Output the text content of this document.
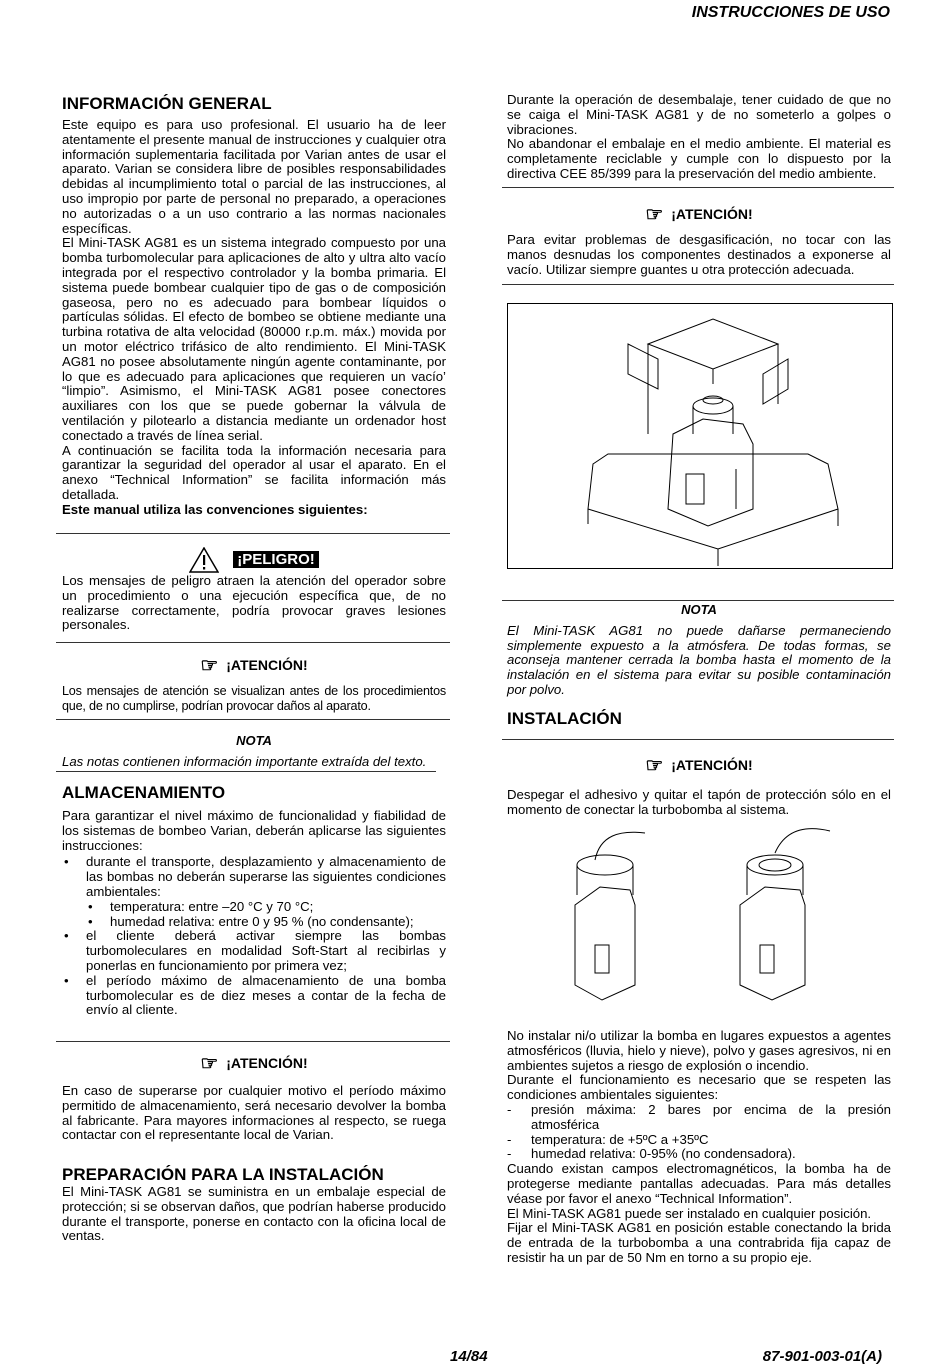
INSTRUCCIONES DE USO
INFORMACIÓN GENERAL

Este equipo es para uso profesional. El usuario ha de leer atentamente el presente manual de instrucciones y cualquier otra información suplementaria facilitada por Varian antes de usar el aparato. Varian se considera libre de posibles responsabilidades debidas al incumplimiento total o parcial de las instrucciones, al uso impropio por parte de personal no preparado, a operaciones no autorizadas o a un uso contrario a las normas nacionales específicas.

El Mini-TASK AG81 es un sistema integrado compuesto por una bomba turbomolecular para aplicaciones de alto y ultra alto vacío integrada por el respectivo controlador y la bomba primaria. El sistema puede bombear cualquier tipo de gas o de composición gaseosa, pero no es adecuado para bombear líquidos o partículas sólidas. El efecto de bombeo se obtiene mediante una turbina rotativa de alta velocidad (80000 r.p.m. máx.) movida por un motor eléctrico trifásico de alto rendimiento. El Mini-TASK AG81 no posee absolutamente ningún agente contaminante, por lo que es adecuado para aplicaciones que requieren un vacío’ “limpio”. Asimismo, el Mini-TASK AG81 posee conectores auxiliares con los que se puede gobernar la válvula de ventilación y pilotearlo a distancia mediante un ordenador host conectado a través de línea serial.

A continuación se facilita toda la información necesaria para garantizar la seguridad del operador al usar el aparato. En el anexo “Technical Information” se facilita información más detallada.

Este manual utiliza las convenciones siguientes:

¡PELIGRO!

Los mensajes de peligro atraen la atención del operador sobre un procedimiento o una ejecución específica que, de no realizarse correctamente, podría provocar graves lesiones personales.

☞ ¡ATENCIÓN!

Los mensajes de atención se visualizan antes de los procedimientos que, de no cumplirse, podrían provocar daños al aparato.

NOTA

Las notas contienen información importante extraída del texto.

ALMACENAMIENTO

Para garantizar el nivel máximo de funcionalidad y fiabilidad de los sistemas de bombeo Varian, deberán aplicarse las siguientes instrucciones:

• durante el transporte, desplazamiento y almacenamiento de las bombas no deberán superarse las siguientes condiciones ambientales:
• temperatura: entre –20 °C y 70 °C;
• humedad relativa: entre 0 y 95 % (no condensante);
• el cliente deberá activar siempre las bombas turbomoleculares en modalidad Soft-Start al recibirlas y ponerlas en funcionamiento por primera vez;
• el período máximo de almacenamiento de una bomba turbomolecular es de diez meses a contar de la fecha de envío al cliente.
☞ ¡ATENCIÓN!

En caso de superarse por cualquier motivo el período máximo permitido de almacenamiento, será necesario devolver la bomba al fabricante. Para mayores informaciones al respecto, se ruega contactar con el representante local de Varian.

PREPARACIÓN PARA LA INSTALACIÓN

El Mini-TASK AG81 se suministra en un embalaje especial de protección; si se observan daños, que podrían haberse producido durante el transporte, ponerse en contacto con la oficina local de ventas.

Durante la operación de desembalaje, tener cuidado de que no se caiga el Mini-TASK AG81 y de no someterlo a golpes o vibraciones.

No abandonar el embalaje en el medio ambiente. El material es completamente reciclable y cumple con lo dispuesto por la directiva CEE 85/399 para la preservación del medio ambiente.

☞ ¡ATENCIÓN!

Para evitar problemas de desgasificación, no tocar con las manos desnudas los componentes destinados a exponerse al vacío. Utilizar siempre guantes u otra protección adecuada.

NOTA

El Mini-TASK AG81 no puede dañarse permaneciendo simplemente expuesto a la atmósfera. De todas formas, se aconseja mantener cerrada la bomba hasta el momento de la instalación en el sistema para evitar su posible contaminación por polvo.

INSTALACIÓN
☞ ¡ATENCIÓN!

Despegar el adhesivo y quitar el tapón de protección sólo en el momento de conectar la turbobomba al sistema.

No instalar ni/o utilizar la bomba en lugares expuestos a agentes atmosféricos (lluvia, hielo y nieve), polvo y gases agresivos, ni en ambientes sujetos a riesgo de explosión o incendio.

Durante el funcionamiento es necesario que se respeten las condiciones ambientales siguientes:

- presión máxima: 2 bares por encima de la presión atmosférica
- temperatura: de +5ºC a +35ºC
- humedad relativa: 0-95% (no condensadora).

Cuando existan campos electromagnéticos, la bomba ha de protegerse mediante pantallas adecuadas. Para más detalles véase por favor el anexo “Technical Information”.

El Mini-TASK AG81 puede ser instalado en cualquier posición.

Fijar el Mini-TASK AG81 en posición estable conectando la brida de entrada de la turbobomba a una contrabrida fija capaz de resistir ha un par de 50 Nm en torno a su propio eje.

14/84	87-901-003-01(A)
